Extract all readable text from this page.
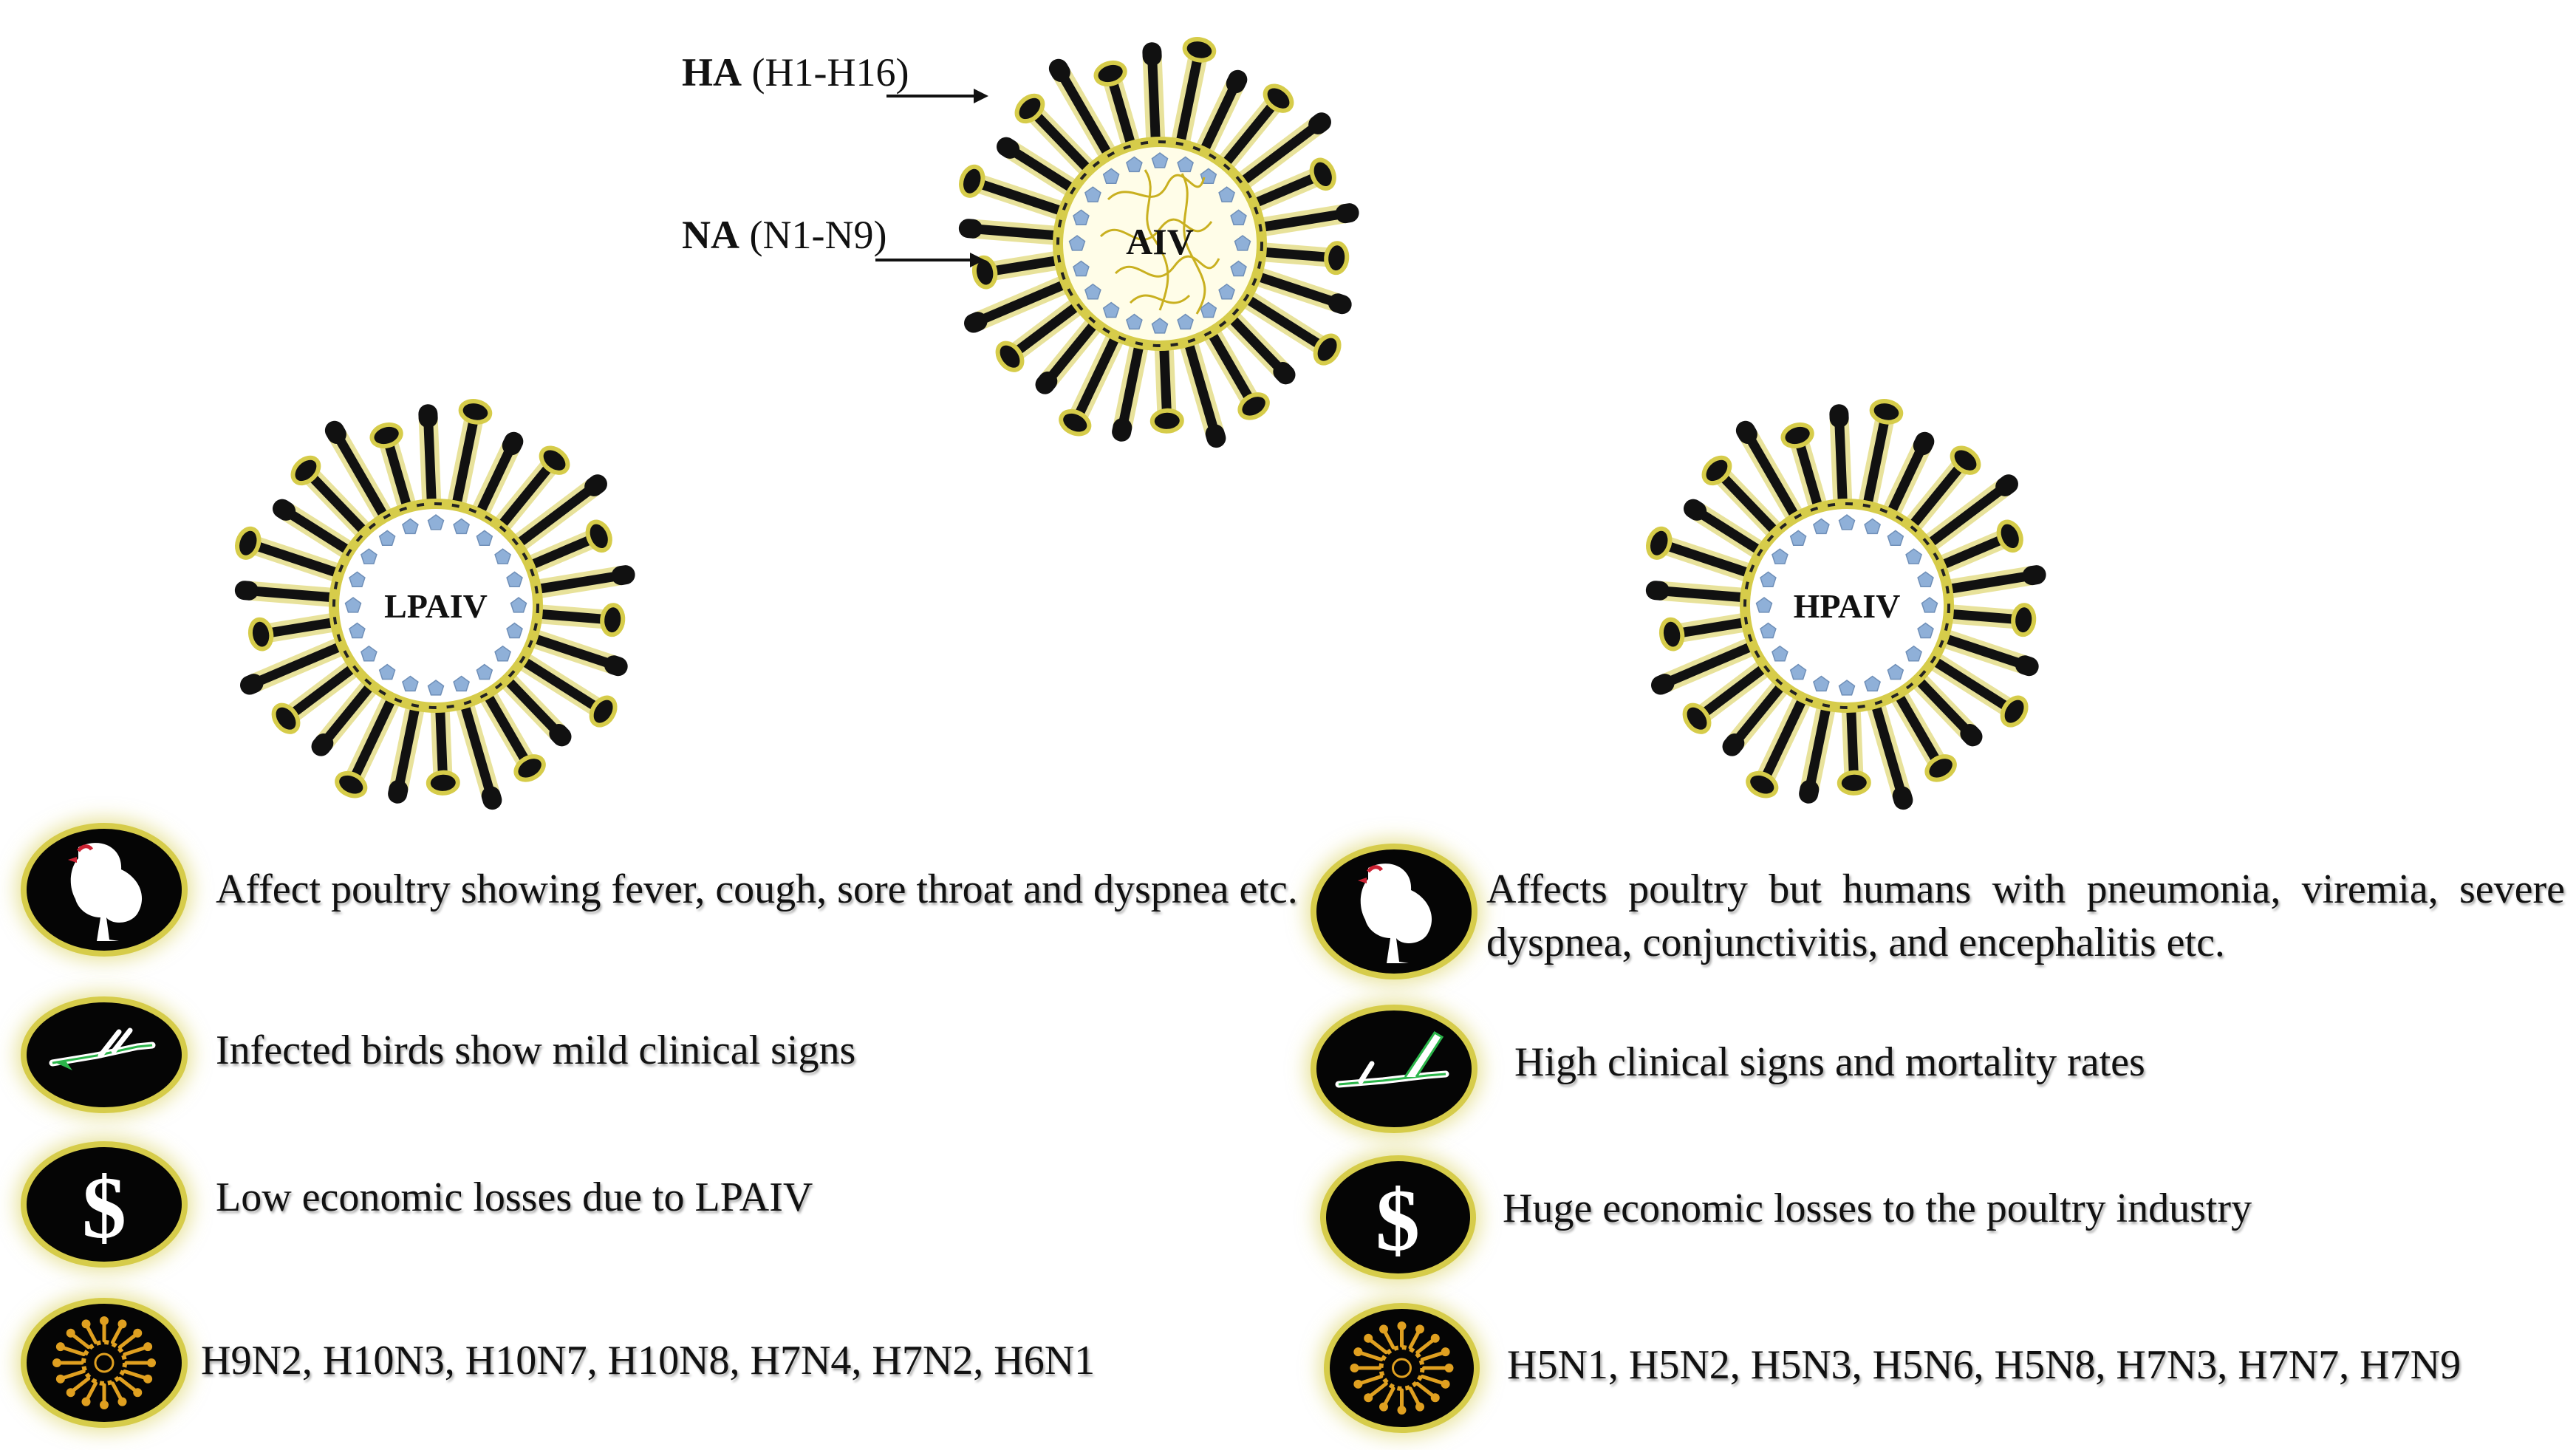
AIV
HA (H1-H16)
NA (N1-N9)
LPAIV	HPAIV
Affect poultry showing fever, cough, sore throat and dyspnea etc.
Infected birds show mild clinical signs
$ Low economic losses due to LPAIV
H9N2, H10N3, H10N7, H10N8, H7N4, H7N2, H6N1
Affects poultry but humans with pneumonia, viremia, severe dyspnea, conjunctivitis, and encephalitis etc.
High clinical signs and mortality rates
$ Huge economic losses to the poultry industry
H5N1, H5N2, H5N3, H5N6, H5N8, H7N3, H7N7, H7N9
